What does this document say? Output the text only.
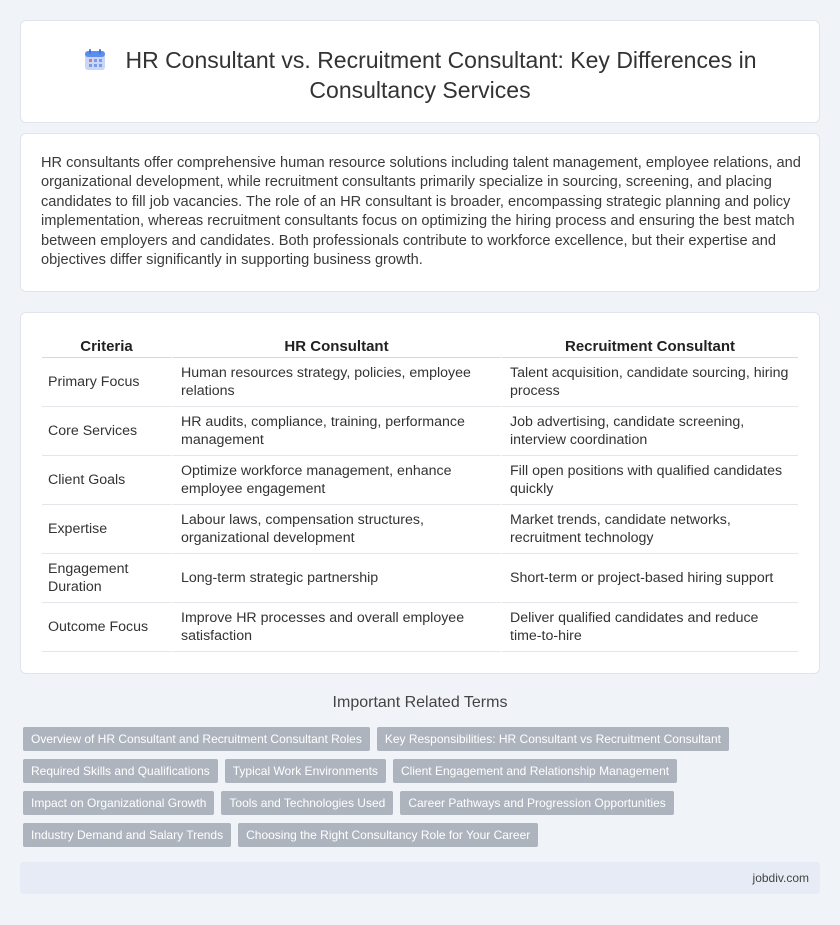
HR Consultant vs. Recruitment Consultant: Key Differences in
Consultancy Services

HR consultants offer comprehensive human resource solutions including talent management, employee relations, and organizational development, while recruitment consultants primarily specialize in sourcing, screening, and placing candidates to fill job vacancies. The role of an HR consultant is broader, encompassing strategic planning and policy implementation, whereas recruitment consultants focus on optimizing the hiring process and ensuring the best match between employers and candidates. Both professionals contribute to workforce excellence, but their expertise and objectives differ significantly in supporting business growth.

Criteria	HR Consultant	Recruitment Consultant
Primary Focus	Human resources strategy, policies, employee relations	Talent acquisition, candidate sourcing, hiring process
Core Services	HR audits, compliance, training, performance management	Job advertising, candidate screening, interview coordination
Client Goals	Optimize workforce management, enhance employee engagement	Fill open positions with qualified candidates quickly
Expertise	Labour laws, compensation structures, organizational development	Market trends, candidate networks, recruitment technology
Engagement Duration	Long-term strategic partnership	Short-term or project-based hiring support
Outcome Focus	Improve HR processes and overall employee satisfaction	Deliver qualified candidates and reduce time-to-hire
Important Related Terms
Overview of HR Consultant and Recruitment Consultant Roles	Key Responsibilities: HR Consultant vs Recruitment Consultant
Required Skills and Qualifications	Typical Work Environments	Client Engagement and Relationship Management
Impact on Organizational Growth	Tools and Technologies Used	Career Pathways and Progression Opportunities
Industry Demand and Salary Trends	Choosing the Right Consultancy Role for Your Career
jobdiv.com
